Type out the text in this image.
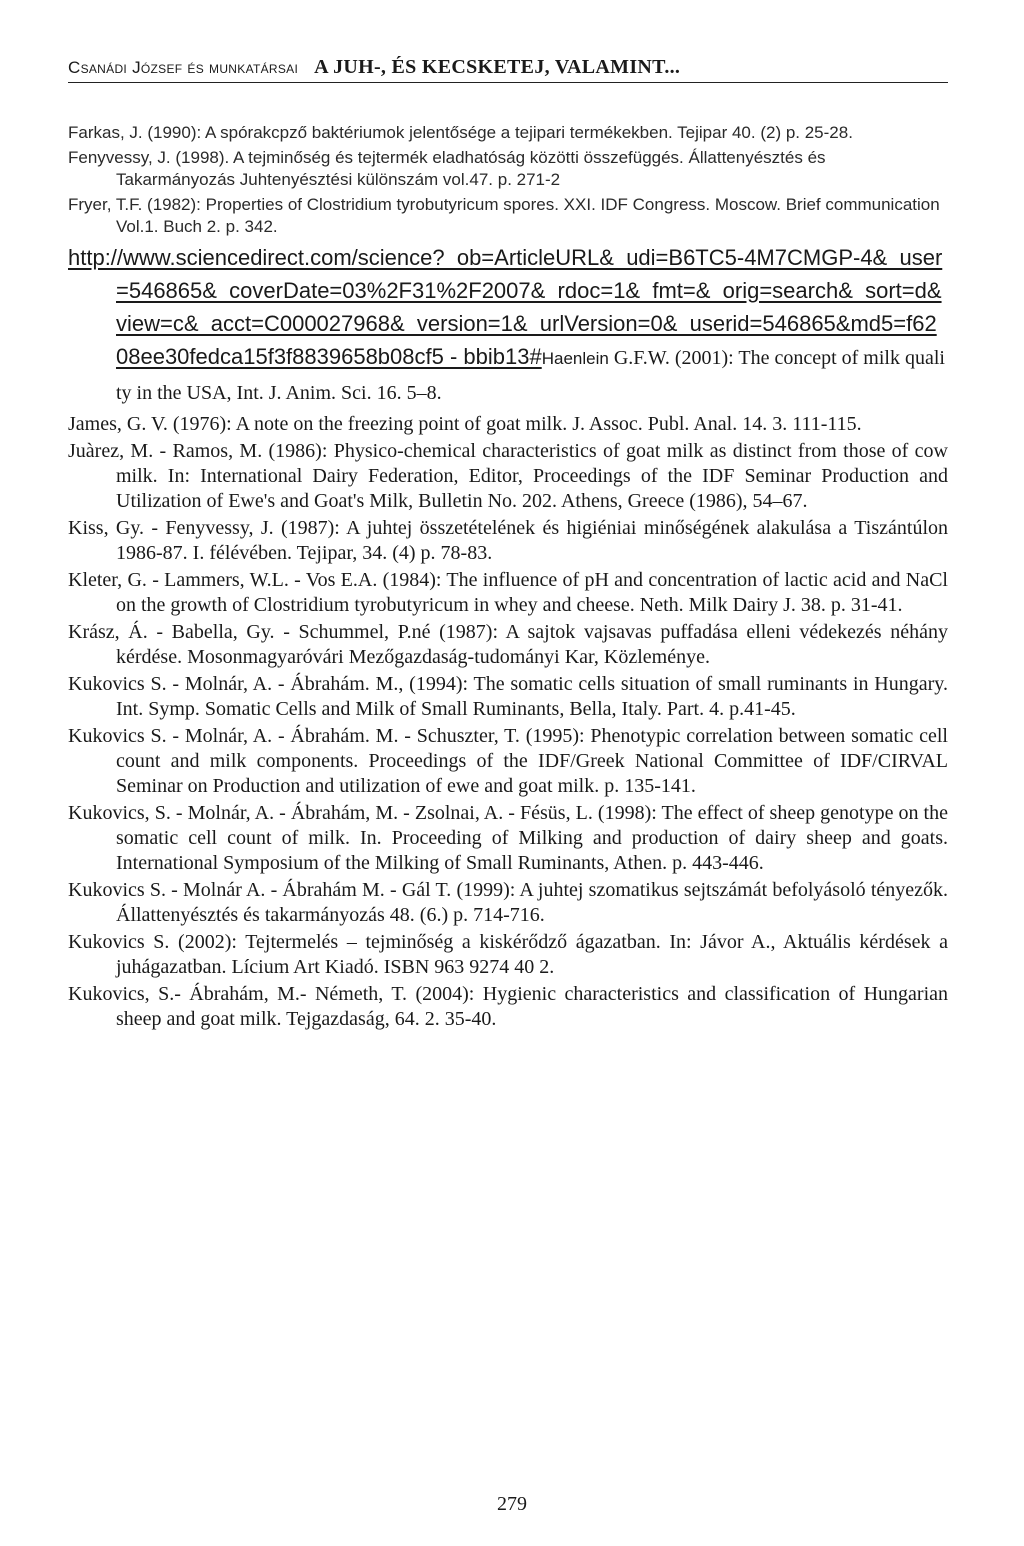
Csanádi József és munkatársai A JUH-, ÉS KECSKETEJ, VALAMINT...

Farkas, J. (1990): A spórakcpző baktériumok jelentősége a tejipari termékekben. Tejipar 40. (2) p. 25-28.

Fenyvessy, J. (1998). A tejminőség és tejtermék eladhatóság közötti összefüggés. Állattenyésztés és Takarmányozás Juhtenyésztési különszám vol.47. p. 271-2

Fryer, T.F. (1982): Properties of Clostridium tyrobutyricum spores. XXI. IDF Congress. Moscow. Brief communication Vol.1. Buch 2. p. 342.

http://www.sciencedirect.com/science?_ob=ArticleURL&_udi=B6TC5-4M7CMGP-4&_user=546865&_coverDate=03%2F31%2F2007&_rdoc=1&_fmt=&_orig=search&_sort=d&view=c&_acct=C000027968&_version=1&_urlVersion=0&_userid=546865&md5=f6208ee30fedca15f3f8839658b08cf5 - bbib13#Haenlein G.F.W. (2001): The concept of milk quality in the USA, Int. J. Anim. Sci. 16. 5–8.

James, G. V. (1976): A note on the freezing point of goat milk. J. Assoc. Publ. Anal. 14. 3. 111-115.

Juàrez, M. - Ramos, M. (1986): Physico-chemical characteristics of goat milk as distinct from those of cow milk. In: International Dairy Federation, Editor, Proceedings of the IDF Seminar Production and Utilization of Ewe's and Goat's Milk, Bulletin No. 202. Athens, Greece (1986), 54–67.

Kiss, Gy. - Fenyvessy, J. (1987): A juhtej összetételének és higiéniai minőségének alakulása a Tiszántúlon 1986-87. I. félévében. Tejipar, 34. (4) p. 78-83.

Kleter, G. - Lammers, W.L. - Vos E.A. (1984): The influence of pH and concentration of lactic acid and NaCl on the growth of Clostridium tyrobutyricum in whey and cheese. Neth. Milk Dairy J. 38. p. 31-41.

Krász, Á. - Babella, Gy. - Schummel, P.né (1987): A sajtok vajsavas puffadása elleni védekezés néhány kérdése. Mosonmagyaróvári Mezőgazdaság-tudományi Kar, Közleménye.

Kukovics S. - Molnár, A. - Ábrahám. M., (1994): The somatic cells situation of small ruminants in Hungary. Int. Symp. Somatic Cells and Milk of Small Ruminants, Bella, Italy. Part. 4. p.41-45.

Kukovics S. - Molnár, A. - Ábrahám. M. - Schuszter, T. (1995): Phenotypic correlation between somatic cell count and milk components. Proceedings of the IDF/Greek National Committee of IDF/CIRVAL Seminar on Production and utilization of ewe and goat milk. p. 135-141.

Kukovics, S. - Molnár, A. - Ábrahám, M. - Zsolnai, A. - Fésüs, L. (1998): The effect of sheep genotype on the somatic cell count of milk. In. Proceeding of Milking and production of dairy sheep and goats. International Symposium of the Milking of Small Ruminants, Athen. p. 443-446.

Kukovics S. - Molnár A. - Ábrahám M. - Gál T. (1999): A juhtej szomatikus sejtszámát befolyásoló tényezők. Állattenyésztés és takarmányozás 48. (6.) p. 714-716.

Kukovics S. (2002): Tejtermelés – tejminőség a kiskérődző ágazatban. In: Jávor A., Aktuális kérdések a juhágazatban. Lícium Art Kiadó. ISBN 963 9274 40 2.

Kukovics, S.- Ábrahám, M.- Németh, T. (2004): Hygienic characteristics and classification of Hungarian sheep and goat milk. Tejgazdaság, 64. 2. 35-40.

279
